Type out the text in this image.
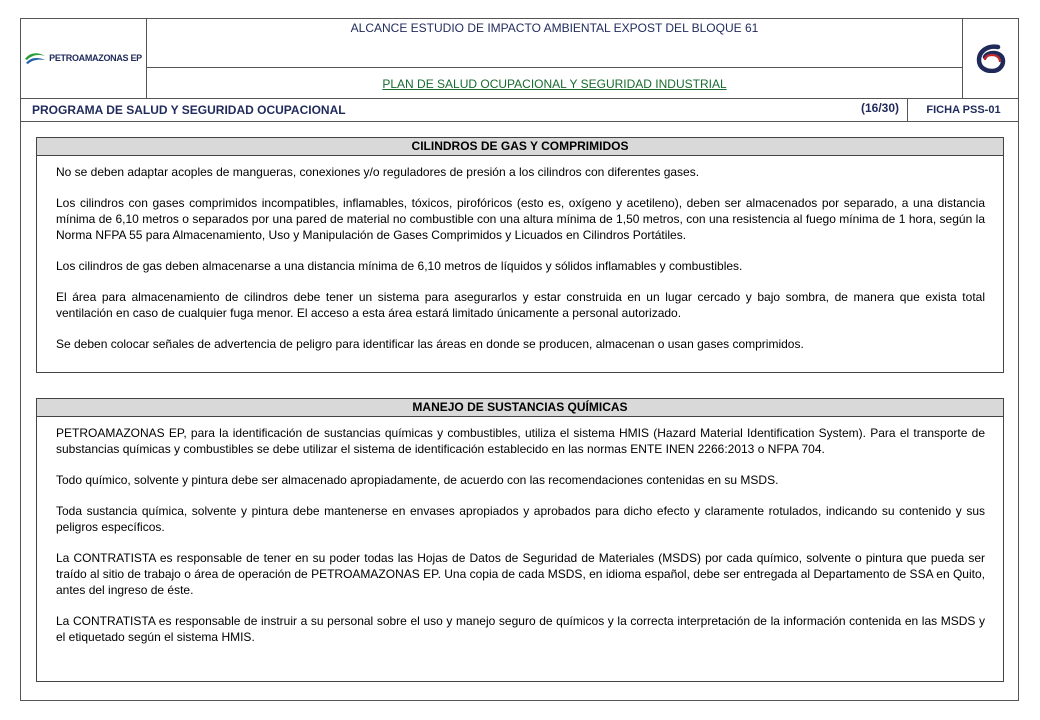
PETROAMAZONAS EP
ALCANCE ESTUDIO DE IMPACTO AMBIENTAL EXPOST DEL BLOQUE 61
PLAN DE SALUD OCUPACIONAL Y SEGURIDAD INDUSTRIAL
PROGRAMA DE SALUD Y SEGURIDAD OCUPACIONAL	(16/30)	FICHA PSS-01
CILINDROS DE GAS Y COMPRIMIDOS

No se deben adaptar acoples de mangueras, conexiones y/o reguladores de presión a los cilindros con diferentes gases.

Los cilindros con gases comprimidos incompatibles, inflamables, tóxicos, pirofóricos (esto es, oxígeno y acetileno), deben ser almacenados por separado, a una distancia mínima de 6,10 metros o separados por una pared de material no combustible con una altura mínima de 1,50 metros, con una resistencia al fuego mínima de 1 hora, según la Norma NFPA 55 para Almacenamiento, Uso y Manipulación de Gases Comprimidos y Licuados en Cilindros Portátiles.

Los cilindros de gas deben almacenarse a una distancia mínima de 6,10 metros de líquidos y sólidos inflamables y combustibles.

El área para almacenamiento de cilindros debe tener un sistema para asegurarlos y estar construida en un lugar cercado y bajo sombra, de manera que exista total ventilación en caso de cualquier fuga menor. El acceso a esta área estará limitado únicamente a personal autorizado.

Se deben colocar señales de advertencia de peligro para identificar las áreas en donde se producen, almacenan o usan gases comprimidos.

MANEJO DE SUSTANCIAS QUÍMICAS

PETROAMAZONAS EP, para la identificación de sustancias químicas y combustibles, utiliza el sistema HMIS (Hazard Material Identification System). Para el transporte de substancias químicas y combustibles se debe utilizar el sistema de identificación establecido en las normas ENTE INEN 2266:2013 o NFPA 704.

Todo químico, solvente y pintura debe ser almacenado apropiadamente, de acuerdo con las recomendaciones contenidas en su MSDS.

Toda sustancia química, solvente y pintura debe mantenerse en envases apropiados y aprobados para dicho efecto y claramente rotulados, indicando su contenido y sus peligros específicos.

La CONTRATISTA es responsable de tener en su poder todas las Hojas de Datos de Seguridad de Materiales (MSDS) por cada químico, solvente o pintura que pueda ser traído al sitio de trabajo o área de operación de PETROAMAZONAS EP. Una copia de cada MSDS, en idioma español, debe ser entregada al Departamento de SSA en Quito, antes del ingreso de éste.

La CONTRATISTA es responsable de instruir a su personal sobre el uso y manejo seguro de químicos y la correcta interpretación de la información contenida en las MSDS y el etiquetado según el sistema HMIS.
